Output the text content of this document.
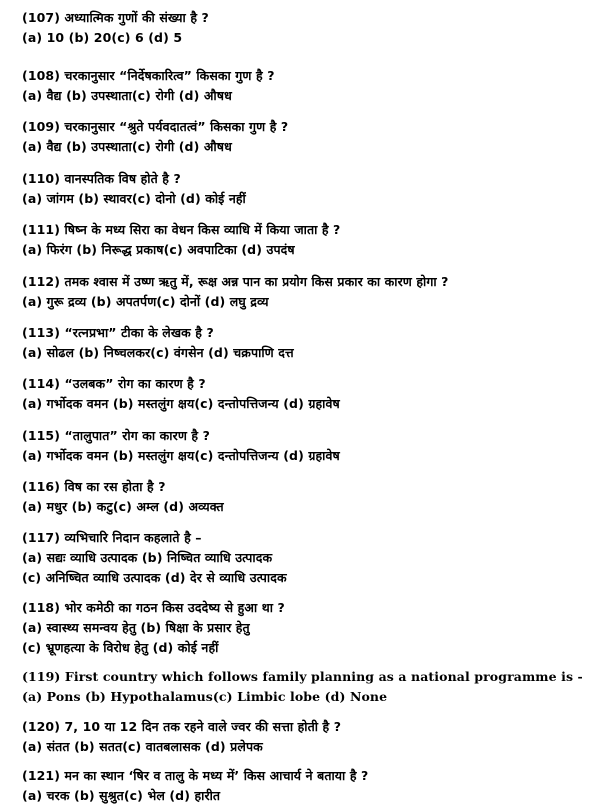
(107) अध्यात्मिक गुणों की संख्या है ?
(a) 10 (b) 20(c) 6 (d) 5
(108) चरकानुसार “निर्देषकारित्व” किसका गुण है ?
(a) वैद्य (b) उपस्थाता(c) रोगी (d) औषध
(109) चरकानुसार “श्रुते पर्यवदातत्वं” किसका गुण है ?
(a) वैद्य (b) उपस्थाता(c) रोगी (d) औषध
(110) वानस्पतिक विष होते है ?
(a) जांगम (b) स्थावर(c) दोनो (d) कोई नहीं
(111) षिष्न के मध्य सिरा का वेधन किस व्याधि में किया जाता है ?
(a) फिरंग (b) निरूद्ध प्रकाष(c) अवपाटिका (d) उपदंष
(112) तमक श्वास में उष्ण ऋतु में, रूक्ष अन्न पान का प्रयोग किस प्रकार का कारण होगा ?
(a) गुरू द्रव्य (b) अपतर्पण(c) दोनों (d) लघु द्रव्य
(113) “रत्नप्रभा” टीका के लेखक है ?
(a) सोढल (b) निष्चलकर(c) वंगसेन (d) चक्रपाणि दत्त
(114) “उलबक” रोग का कारण है ?
(a) गर्भोदक वमन (b) मस्तलुंग क्षय(c) दन्तोपत्तिजन्य (d) ग्रहावेष
(115) “तालुपात” रोग का कारण है ?
(a) गर्भोदक वमन (b) मस्तलुंग क्षय(c) दन्तोपत्तिजन्य (d) ग्रहावेष
(116) विष का रस होता है ?
(a) मधुर (b) कटु(c) अम्ल (d) अव्यक्त
(117) व्यभिचारि निदान कहलाते है –
(a) सद्यः व्याधि उत्पादक (b) निष्चित व्याधि उत्पादक
(c) अनिष्चित व्याधि उत्पादक (d) देर से व्याधि उत्पादक
(118) भोर कमेठी का गठन किस उददेष्य से हुआ था ?
(a) स्वास्थ्य समन्वय हेतु (b) षिक्षा के प्रसार हेतु
(c) भ्रूणहत्या के विरोध हेतु (d) कोई नहीं
(119) First country which follows family planning as a national programme is -
(a) Pons (b) Hypothalamus(c) Limbic lobe (d) None
(120) 7, 10 या 12 दिन तक रहने वाले ज्वर की सत्ता होती है ?
(a) संतत (b) सतत(c) वातबलासक (d) प्रलेपक
(121) मन का स्थान ‘षिर व तालु के मध्य में’ किस आचार्य ने बताया है ?
(a) चरक (b) सुश्रुत(c) भेल (d) हारीत
